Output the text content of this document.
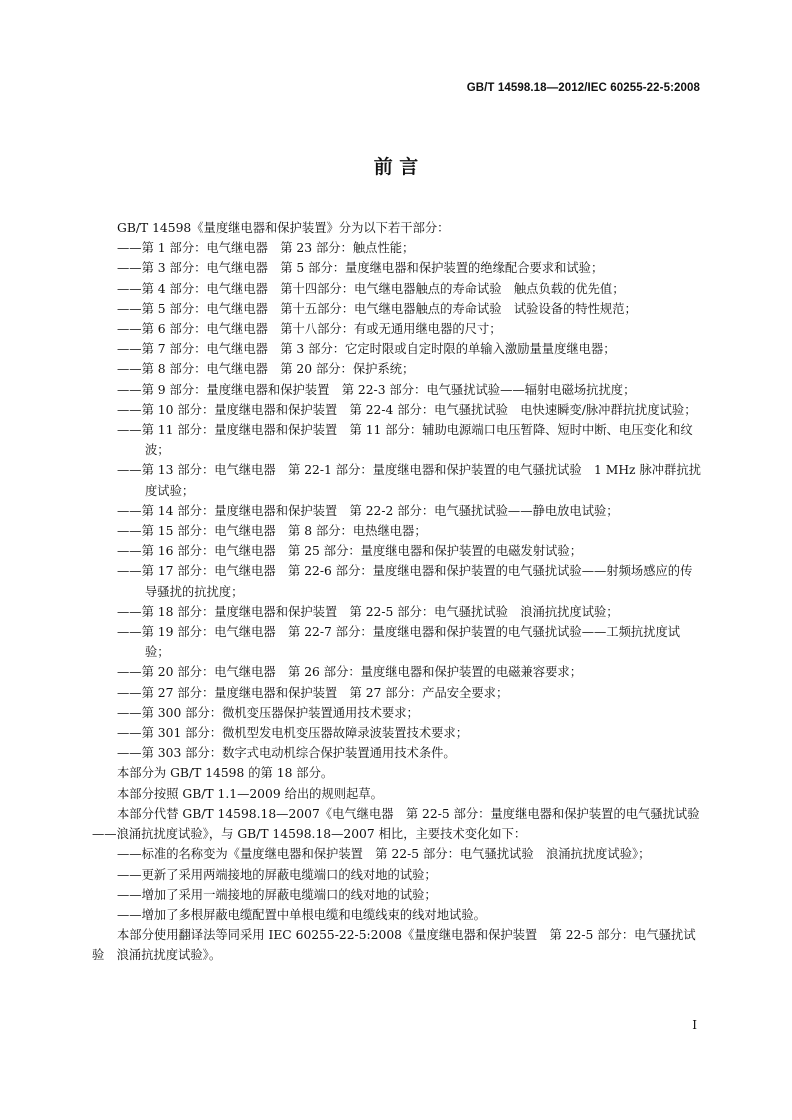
GB/T 14598.18—2012/IEC 60255-22-5:2008
前 言

GB/T 14598《量度继电器和保护装置》分为以下若干部分：

——第 1 部分：电气继电器　第 23 部分：触点性能；

——第 3 部分：电气继电器　第 5 部分：量度继电器和保护装置的绝缘配合要求和试验；

——第 4 部分：电气继电器　第十四部分：电气继电器触点的寿命试验　触点负载的优先值；

——第 5 部分：电气继电器　第十五部分：电气继电器触点的寿命试验　试验设备的特性规范；

——第 6 部分：电气继电器　第十八部分：有或无通用继电器的尺寸；

——第 7 部分：电气继电器　第 3 部分：它定时限或自定时限的单输入激励量量度继电器；

——第 8 部分：电气继电器　第 20 部分：保护系统；

——第 9 部分：量度继电器和保护装置　第 22-3 部分：电气骚扰试验——辐射电磁场抗扰度；

——第 10 部分：量度继电器和保护装置　第 22-4 部分：电气骚扰试验　电快速瞬变/脉冲群抗扰度试验；

——第 11 部分：量度继电器和保护装置　第 11 部分：辅助电源端口电压暂降、短时中断、电压变化和纹波；

——第 13 部分：电气继电器　第 22-1 部分：量度继电器和保护装置的电气骚扰试验　1 MHz 脉冲群抗扰度试验；

——第 14 部分：量度继电器和保护装置　第 22-2 部分：电气骚扰试验——静电放电试验；

——第 15 部分：电气继电器　第 8 部分：电热继电器；

——第 16 部分：电气继电器　第 25 部分：量度继电器和保护装置的电磁发射试验；

——第 17 部分：电气继电器　第 22-6 部分：量度继电器和保护装置的电气骚扰试验——射频场感应的传导骚扰的抗扰度；

——第 18 部分：量度继电器和保护装置　第 22-5 部分：电气骚扰试验　浪涌抗扰度试验；

——第 19 部分：电气继电器　第 22-7 部分：量度继电器和保护装置的电气骚扰试验——工频抗扰度试验；

——第 20 部分：电气继电器　第 26 部分：量度继电器和保护装置的电磁兼容要求；

——第 27 部分：量度继电器和保护装置　第 27 部分：产品安全要求；

——第 300 部分：微机变压器保护装置通用技术要求；

——第 301 部分：微机型发电机变压器故障录波装置技术要求；

——第 303 部分：数字式电动机综合保护装置通用技术条件。

本部分为 GB/T 14598 的第 18 部分。

本部分按照 GB/T 1.1—2009 给出的规则起草。

本部分代替 GB/T 14598.18—2007《电气继电器　第 22-5 部分：量度继电器和保护装置的电气骚扰试验——浪涌抗扰度试验》，与 GB/T 14598.18—2007 相比，主要技术变化如下：

——标准的名称变为《量度继电器和保护装置　第 22-5 部分：电气骚扰试验　浪涌抗扰度试验》；

——更新了采用两端接地的屏蔽电缆端口的线对地的试验；

——增加了采用一端接地的屏蔽电缆端口的线对地的试验；

——增加了多根屏蔽电缆配置中单根电缆和电缆线束的线对地试验。

本部分使用翻译法等同采用 IEC 60255-22-5:2008《量度继电器和保护装置　第 22-5 部分：电气骚扰试验　浪涌抗扰度试验》。

I
